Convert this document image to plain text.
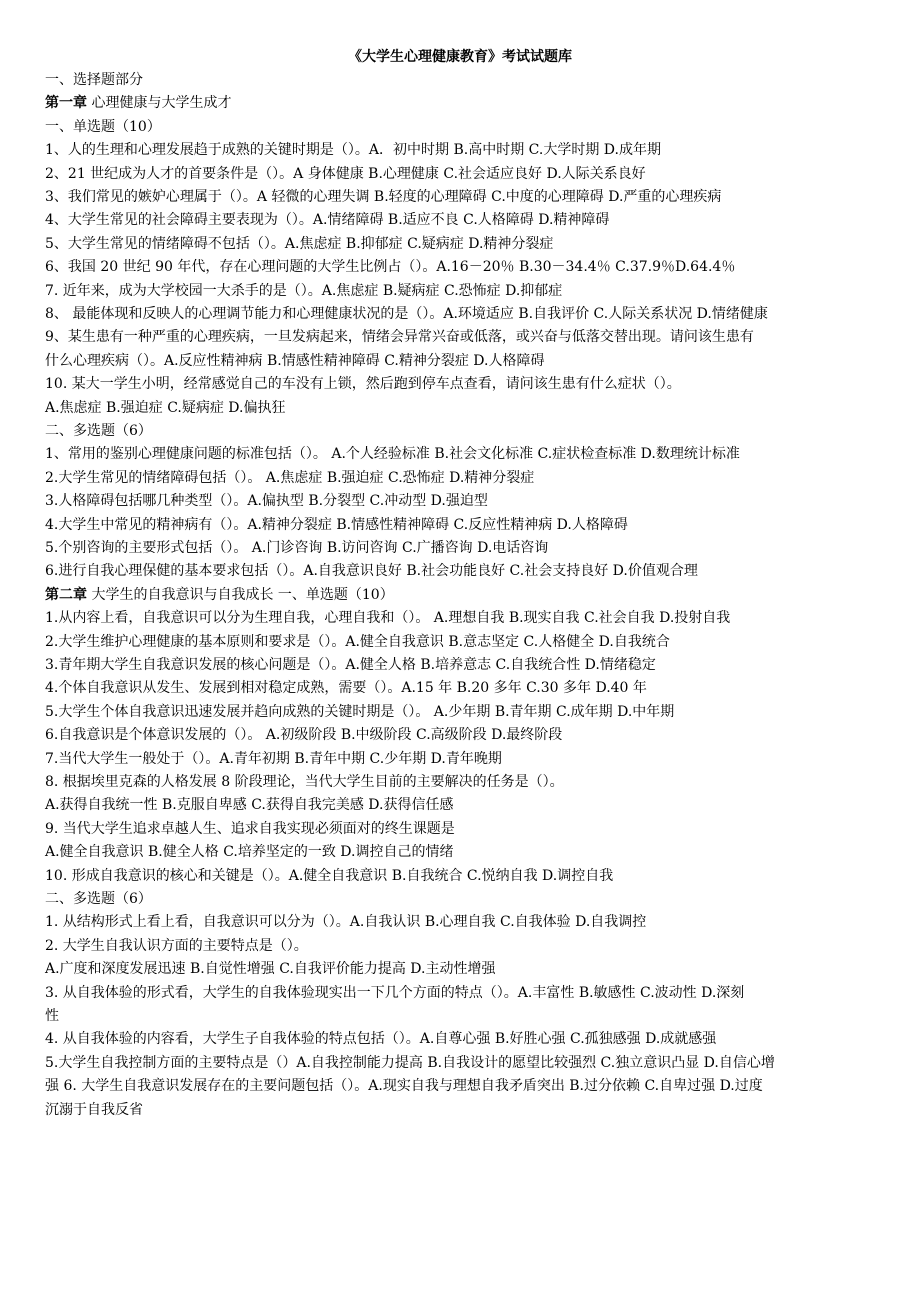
《大学生心理健康教育》考试试题库
一、选择题部分
第一章 心理健康与大学生成才
一、单选题（10）
1、人的生理和心理发展趋于成熟的关键时期是（）。A．初中时期 B.高中时期 C.大学时期 D.成年期
2、21 世纪成为人才的首要条件是（）。A 身体健康 B.心理健康 C.社会适应良好 D.人际关系良好
3、我们常见的嫉妒心理属于（）。A 轻微的心理失调 B.轻度的心理障碍 C.中度的心理障碍 D.严重的心理疾病
4、大学生常见的社会障碍主要表现为（）。A.情绪障碍 B.适应不良 C.人格障碍 D.精神障碍
5、大学生常见的情绪障碍不包括（）。A.焦虑症 B.抑郁症 C.疑病症 D.精神分裂症
6、我国 20 世纪 90 年代，存在心理问题的大学生比例占（）。A.16－20％ B.30－34.4％ C.37.9％D.64.4％
7. 近年来，成为大学校园一大杀手的是（）。A.焦虑症 B.疑病症 C.恐怖症 D.抑郁症
8、 最能体现和反映人的心理调节能力和心理健康状况的是（）。A.环境适应 B.自我评价 C.人际关系状况 D.情绪健康
9、某生患有一种严重的心理疾病，一旦发病起来，情绪会异常兴奋或低落，或兴奋与低落交替出现。请问该生患有
什么心理疾病（）。A.反应性精神病 B.情感性精神障碍 C.精神分裂症 D.人格障碍
10. 某大一学生小明，经常感觉自己的车没有上锁，然后跑到停车点查看，请问该生患有什么症状（）。
A.焦虑症 B.强迫症 C.疑病症 D.偏执狂
二、多选题（6）
1、常用的鉴别心理健康问题的标准包括（）。 A.个人经验标准 B.社会文化标准 C.症状检查标准 D.数理统计标准
2.大学生常见的情绪障碍包括（）。 A.焦虑症 B.强迫症 C.恐怖症 D.精神分裂症
3.人格障碍包括哪几种类型（）。A.偏执型 B.分裂型 C.冲动型 D.强迫型
4.大学生中常见的精神病有（）。A.精神分裂症 B.情感性精神障碍 C.反应性精神病 D.人格障碍
5.个别咨询的主要形式包括（）。 A.门诊咨询 B.访问咨询 C.广播咨询 D.电话咨询
6.进行自我心理保健的基本要求包括（）。A.自我意识良好 B.社会功能良好 C.社会支持良好 D.价值观合理
第二章 大学生的自我意识与自我成长 一、单选题（10）
1.从内容上看，自我意识可以分为生理自我，心理自我和（）。 A.理想自我 B.现实自我 C.社会自我 D.投射自我
2.大学生维护心理健康的基本原则和要求是（）。A.健全自我意识 B.意志坚定 C.人格健全 D.自我统合
3.青年期大学生自我意识发展的核心问题是（）。A.健全人格 B.培养意志 C.自我统合性 D.情绪稳定
4.个体自我意识从发生、发展到相对稳定成熟，需要（）。A.15 年 B.20 多年 C.30 多年 D.40 年
5.大学生个体自我意识迅速发展并趋向成熟的关键时期是（）。 A.少年期 B.青年期 C.成年期 D.中年期
6.自我意识是个体意识发展的（）。 A.初级阶段 B.中级阶段 C.高级阶段 D.最终阶段
7.当代大学生一般处于（）。A.青年初期 B.青年中期 C.少年期 D.青年晚期
8. 根据埃里克森的人格发展 8 阶段理论，当代大学生目前的主要解决的任务是（）。
A.获得自我统一性 B.克服自卑感 C.获得自我完美感 D.获得信任感
9. 当代大学生追求卓越人生、追求自我实现必须面对的终生课题是
A.健全自我意识 B.健全人格 C.培养坚定的一致 D.调控自己的情绪
10. 形成自我意识的核心和关键是（）。A.健全自我意识 B.自我统合 C.悦纳自我 D.调控自我
二、多选题（6）
1. 从结构形式上看上看，自我意识可以分为（）。A.自我认识 B.心理自我 C.自我体验 D.自我调控
2. 大学生自我认识方面的主要特点是（）。
A.广度和深度发展迅速 B.自觉性增强 C.自我评价能力提高 D.主动性增强
3. 从自我体验的形式看，大学生的自我体验现实出一下几个方面的特点（）。A.丰富性 B.敏感性 C.波动性 D.深刻
性
4. 从自我体验的内容看，大学生子自我体验的特点包括（）。A.自尊心强 B.好胜心强 C.孤独感强 D.成就感强
5.大学生自我控制方面的主要特点是（）A.自我控制能力提高 B.自我设计的愿望比较强烈 C.独立意识凸显 D.自信心增
强 6. 大学生自我意识发展存在的主要问题包括（）。A.现实自我与理想自我矛盾突出 B.过分依赖 C.自卑过强 D.过度
沉溺于自我反省
